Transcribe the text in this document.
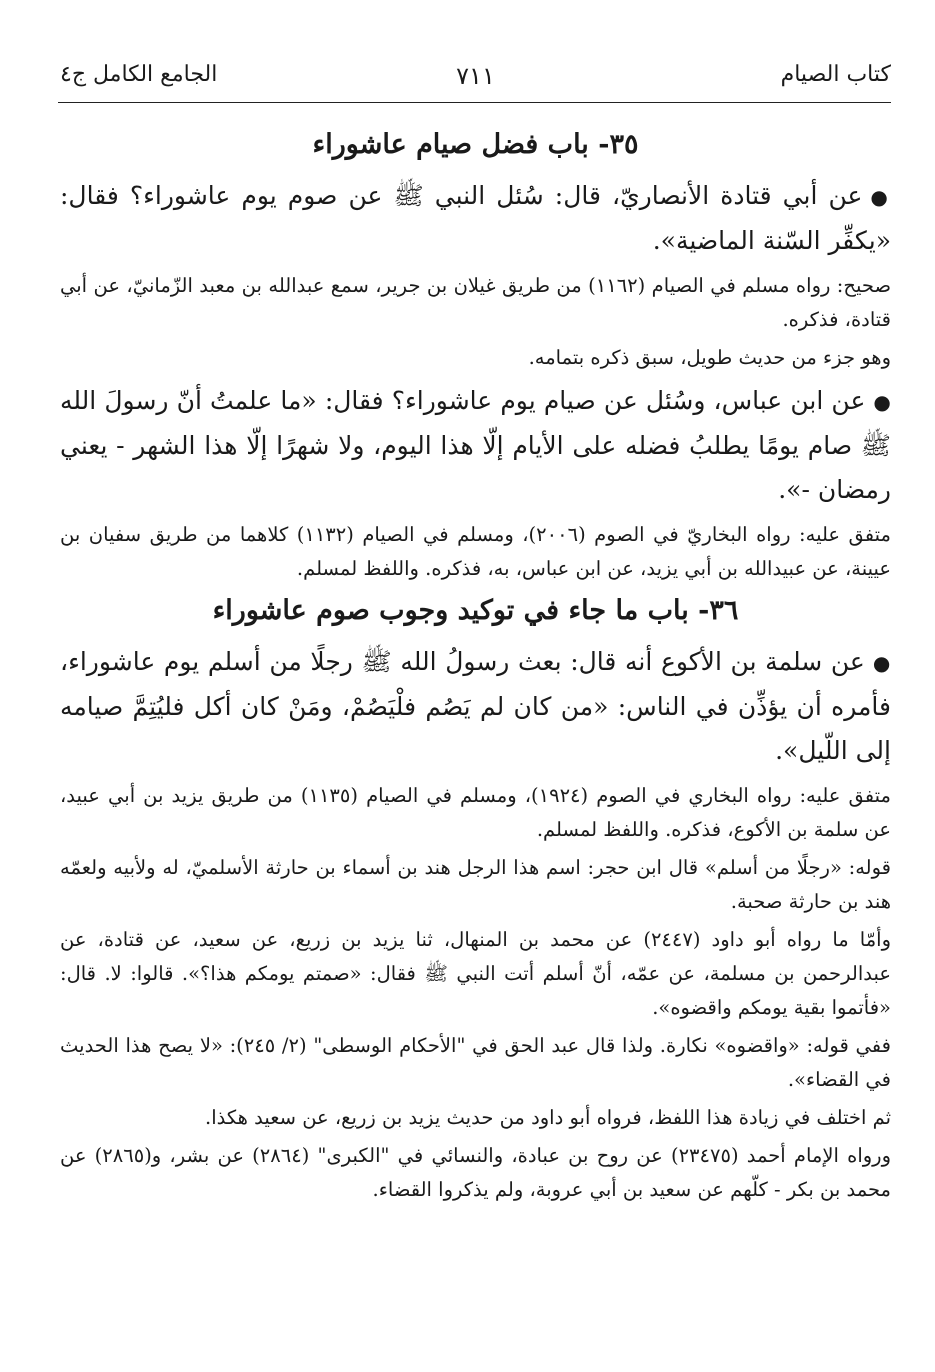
كتاب الصيام
٧١١
الجامع الكامل ج٤
٣٥- باب فضل صيام عاشوراء

●عن أبي قتادة الأنصاريّ، قال: سُئل النبي ﷺ عن صوم يوم عاشوراء؟ فقال: «يكفِّر السّنة الماضية».

صحيح: رواه مسلم في الصيام (١١٦٢) من طريق غيلان بن جرير، سمع عبدالله بن معبد الزّمانيّ، عن أبي قتادة، فذكره.

وهو جزء من حديث طويل، سبق ذكره بتمامه.

●عن ابن عباس، وسُئل عن صيام يوم عاشوراء؟ فقال: «ما علمتُ أنّ رسولَ الله ﷺ صام يومًا يطلبُ فضله على الأيام إلّا هذا اليوم، ولا شهرًا إلّا هذا الشهر - يعني رمضان -».

متفق عليه: رواه البخاريّ في الصوم (٢٠٠٦)، ومسلم في الصيام (١١٣٢) كلاهما من طريق سفيان بن عيينة، عن عبيدالله بن أبي يزيد، عن ابن عباس، به، فذكره. واللفظ لمسلم.

٣٦- باب ما جاء في توكيد وجوب صوم عاشوراء

●عن سلمة بن الأكوع أنه قال: بعث رسولُ الله ﷺ رجلًا من أسلم يوم عاشوراء، فأمره أن يؤذِّن في الناس: «من كان لم يَصُم فلْيَصُمْ، ومَنْ كان أكل فليُتِمَّ صيامه إلى اللّيل».

متفق عليه: رواه البخاري في الصوم (١٩٢٤)، ومسلم في الصيام (١١٣٥) من طريق يزيد بن أبي عبيد، عن سلمة بن الأكوع، فذكره. واللفظ لمسلم.

قوله: «رجلًا من أسلم» قال ابن حجر: اسم هذا الرجل هند بن أسماء بن حارثة الأسلميّ، له ولأبيه ولعمّه هند بن حارثة صحبة.

وأمّا ما رواه أبو داود (٢٤٤٧) عن محمد بن المنهال، ثنا يزيد بن زريع، عن سعيد، عن قتادة، عن عبدالرحمن بن مسلمة، عن عمّه، أنّ أسلم أتت النبي ﷺ فقال: «صمتم يومكم هذا؟». قالوا: لا. قال: «فأتموا بقية يومكم واقضوه».

ففي قوله: «واقضوه» نكارة. ولذا قال عبد الحق في "الأحكام الوسطى" (٢/ ٢٤٥): «لا يصح هذا الحديث في القضاء».

ثم اختلف في زيادة هذا اللفظ، فرواه أبو داود من حديث يزيد بن زريع، عن سعيد هكذا.

ورواه الإمام أحمد (٢٣٤٧٥) عن روح بن عبادة، والنسائي في "الكبرى" (٢٨٦٤) عن بشر، و(٢٨٦٥) عن محمد بن بكر - كلّهم عن سعيد بن أبي عروبة، ولم يذكروا القضاء.
